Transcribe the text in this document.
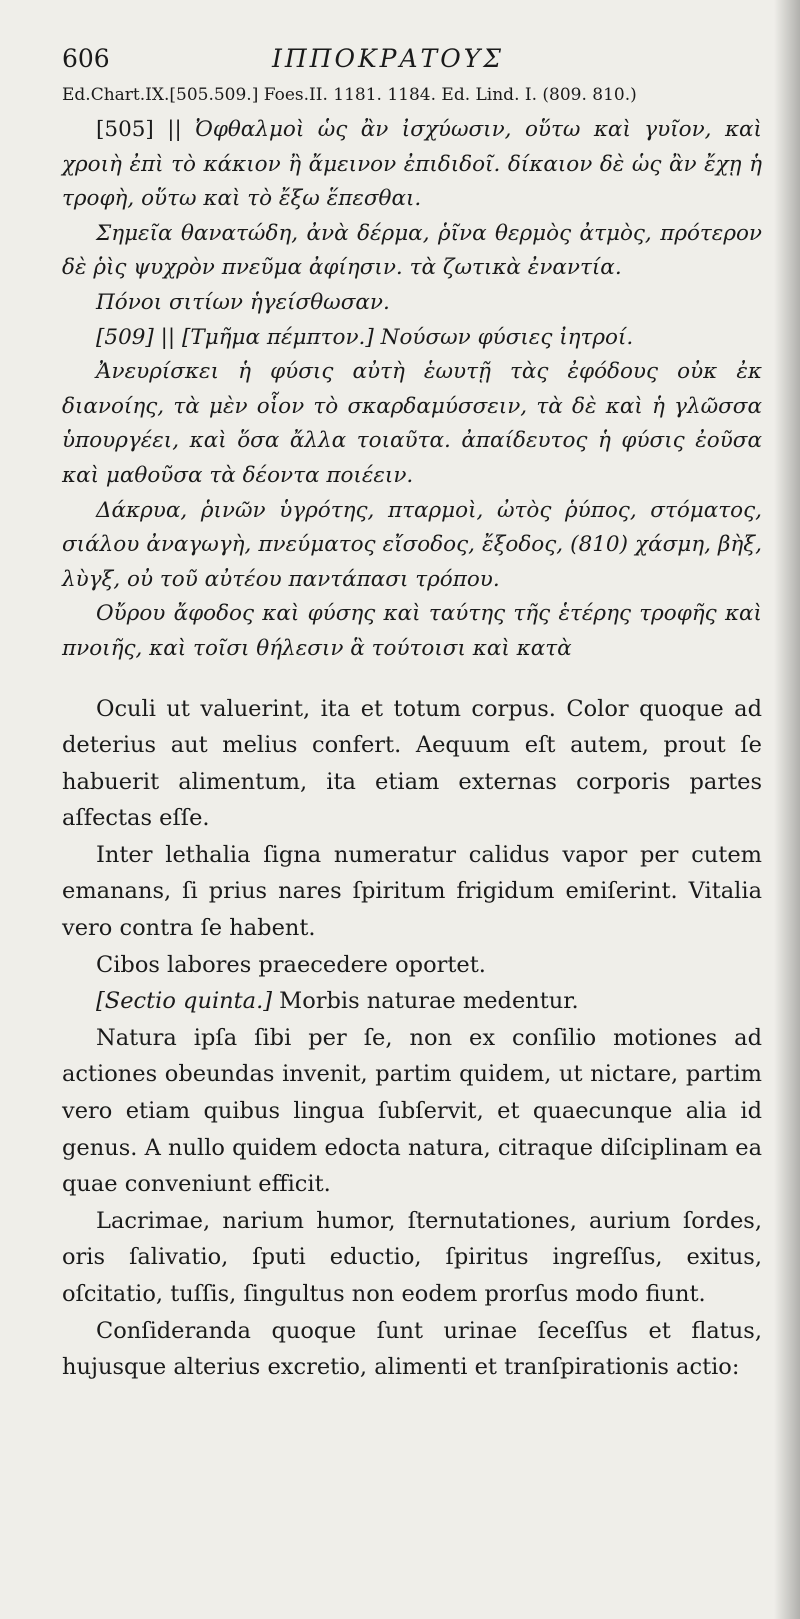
606	ΙΠΠΟΚΡΑΤΟΥΣ
Ed.Chart.IX.[505.509.] Foes.II. 1181. 1184. Ed. Lind. I. (809. 810.)

[505] || Ὀφθαλμοὶ ὡς ἂν ἰσχύωσιν, οὕτω καὶ γυῖον, καὶ χροιὴ ἐπὶ τὸ κάκιον ἢ ἄμεινον ἐπιδιδοῖ. δίκαιον δὲ ὡς ἂν ἔχῃ ἡ τροφὴ, οὕτω καὶ τὸ ἔξω ἕπεσθαι.

Σημεῖα θανατώδη, ἀνὰ δέρμα, ῥῖνα θερμὸς ἀτμὸς, πρότερον δὲ ῥὶς ψυχρὸν πνεῦμα ἀφίησιν. τὰ ζωτικὰ ἐναντία.

Πόνοι σιτίων ἡγείσθωσαν.

[509] || [Τμῆμα πέμπτον.] Νούσων φύσιες ἰητροί.

Ἀνευρίσκει ἡ φύσις αὐτὴ ἑωυτῇ τὰς ἐφόδους οὐκ ἐκ διανοίης, τὰ μὲν οἷον τὸ σκαρδαμύσσειν, τὰ δὲ καὶ ἡ γλῶσσα ὑπουργέει, καὶ ὅσα ἄλλα τοιαῦτα. ἀπαίδευτος ἡ φύσις ἐοῦσα καὶ μαθοῦσα τὰ δέοντα ποιέειν.

Δάκρυα, ῥινῶν ὑγρότης, πταρμοὶ, ὠτὸς ῥύπος, στόματος, σιάλου ἀναγωγὴ, πνεύματος εἴσοδος, ἔξοδος, (810) χάσμη, βὴξ, λὺγξ, οὐ τοῦ αὐτέου παντάπασι τρόπου.

Οὔρου ἄφοδος καὶ φύσης καὶ ταύτης τῆς ἑτέρης τροφῆς καὶ πνοιῆς, καὶ τοῖσι θήλεσιν ἃ τούτοισι καὶ κατὰ

Oculi ut valuerint, ita et totum corpus. Color quoque ad deterius aut melius confert. Aequum eſt autem, prout ſe habuerit alimentum, ita etiam externas corporis partes aſfectas eſſe.

Inter lethalia ſigna numeratur calidus vapor per cutem emanans, ſi prius nares ſpiritum frigidum emiſerint. Vitalia vero contra ſe habent.

Cibos labores praecedere oportet.

[Sectio quinta.] Morbis naturae medentur.

Natura ipſa ſibi per ſe, non ex conſilio motiones ad actiones obeundas invenit, partim quidem, ut nictare, partim vero etiam quibus lingua ſubſervit, et quaecunque alia id genus. A nullo quidem edocta natura, citraque diſciplinam ea quae conveniunt efficit.

Lacrimae, narium humor, ſternutationes, aurium ſordes, oris ſalivatio, ſputi eductio, ſpiritus ingreſſus, exitus, oſcitatio, tuſſis, ſingultus non eodem prorſus modo fiunt.

Conſideranda quoque ſunt urinae ſeceſſus et flatus, hujusque alterius excretio, alimenti et tranſpirationis actio:
